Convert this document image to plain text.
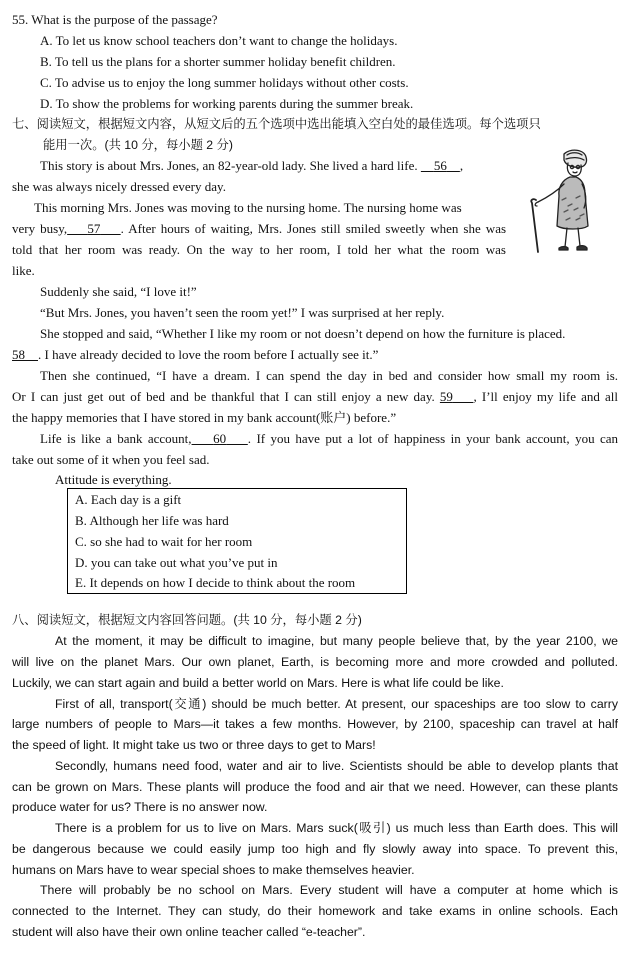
55. What is the purpose of the passage?
A. To let us know school teachers don’t want to change the holidays.
B. To tell us the plans for a shorter summer holiday benefit children.
C. To advise us to enjoy the long summer holidays without other costs.
D. To show the problems for working parents during the summer break.
七、阅读短文，根据短文内容，从短文后的五个选项中选出能填入空白处的最佳选项。每个选项只
能用一次。(共 10 分，每小题 2 分)
This story is about Mrs. Jones, an 82-year-old lady. She lived a hard life. 56 ,
she was always nicely dressed every day.
This morning Mrs. Jones was moving to the nursing home. The nursing home was
very busy, 57 . After hours of waiting, Mrs. Jones still smiled sweetly when she was
told that her room was ready. On the way to her room, I told her what the room was
like.
Suddenly she said, “I love it!”
“But Mrs. Jones, you haven’t seen the room yet!” I was surprised at her reply.
She stopped and said, “Whether I like my room or not doesn’t depend on how the furniture is placed.
58 . I have already decided to love the room before I actually see it.”
Then she continued, “I have a dream. I can spend the day in bed and consider how small my room is.
Or I can just get out of bed and be thankful that I can still enjoy a new day. 59 , I’ll enjoy my life and all
the happy memories that I have stored in my bank account(账户) before.”
Life is like a bank account, 60 . If you have put a lot of happiness in your bank account, you can
take out some of it when you feel sad.
Attitude is everything.
A. Each day is a gift
B. Although her life was hard
C. so she had to wait for her room
D. you can take out what you’ve put in
E. It depends on how I decide to think about the room
八、阅读短文，根据短文内容回答问题。(共 10 分，每小题 2 分)
At the moment, it may be difficult to imagine, but many people believe that, by the year 2100, we
will live on the planet Mars. Our own planet, Earth, is becoming more and more crowded and polluted.
Luckily, we can start again and build a better world on Mars. Here is what life could be like.
First of all, transport(交通) should be much better. At present, our spaceships are too slow to carry
large numbers of people to Mars—it takes a few months. However, by 2100, spaceship can travel at half
the speed of light. It might take us two or three days to get to Mars!
Secondly, humans need food, water and air to live. Scientists should be able to develop plants that
can be grown on Mars. These plants will produce the food and air that we need. However, can these plants
produce water for us? There is no answer now.
There is a problem for us to live on Mars. Mars suck(吸引) us much less than Earth does. This will
be dangerous because we could easily jump too high and fly slowly away into space. To prevent this,
humans on Mars have to wear special shoes to make themselves heavier.
There will probably be no school on Mars. Every student will have a computer at home which is
connected to the Internet. They can study, do their homework and take exams in online schools. Each
student will also have their own online teacher called “e-teacher”.
